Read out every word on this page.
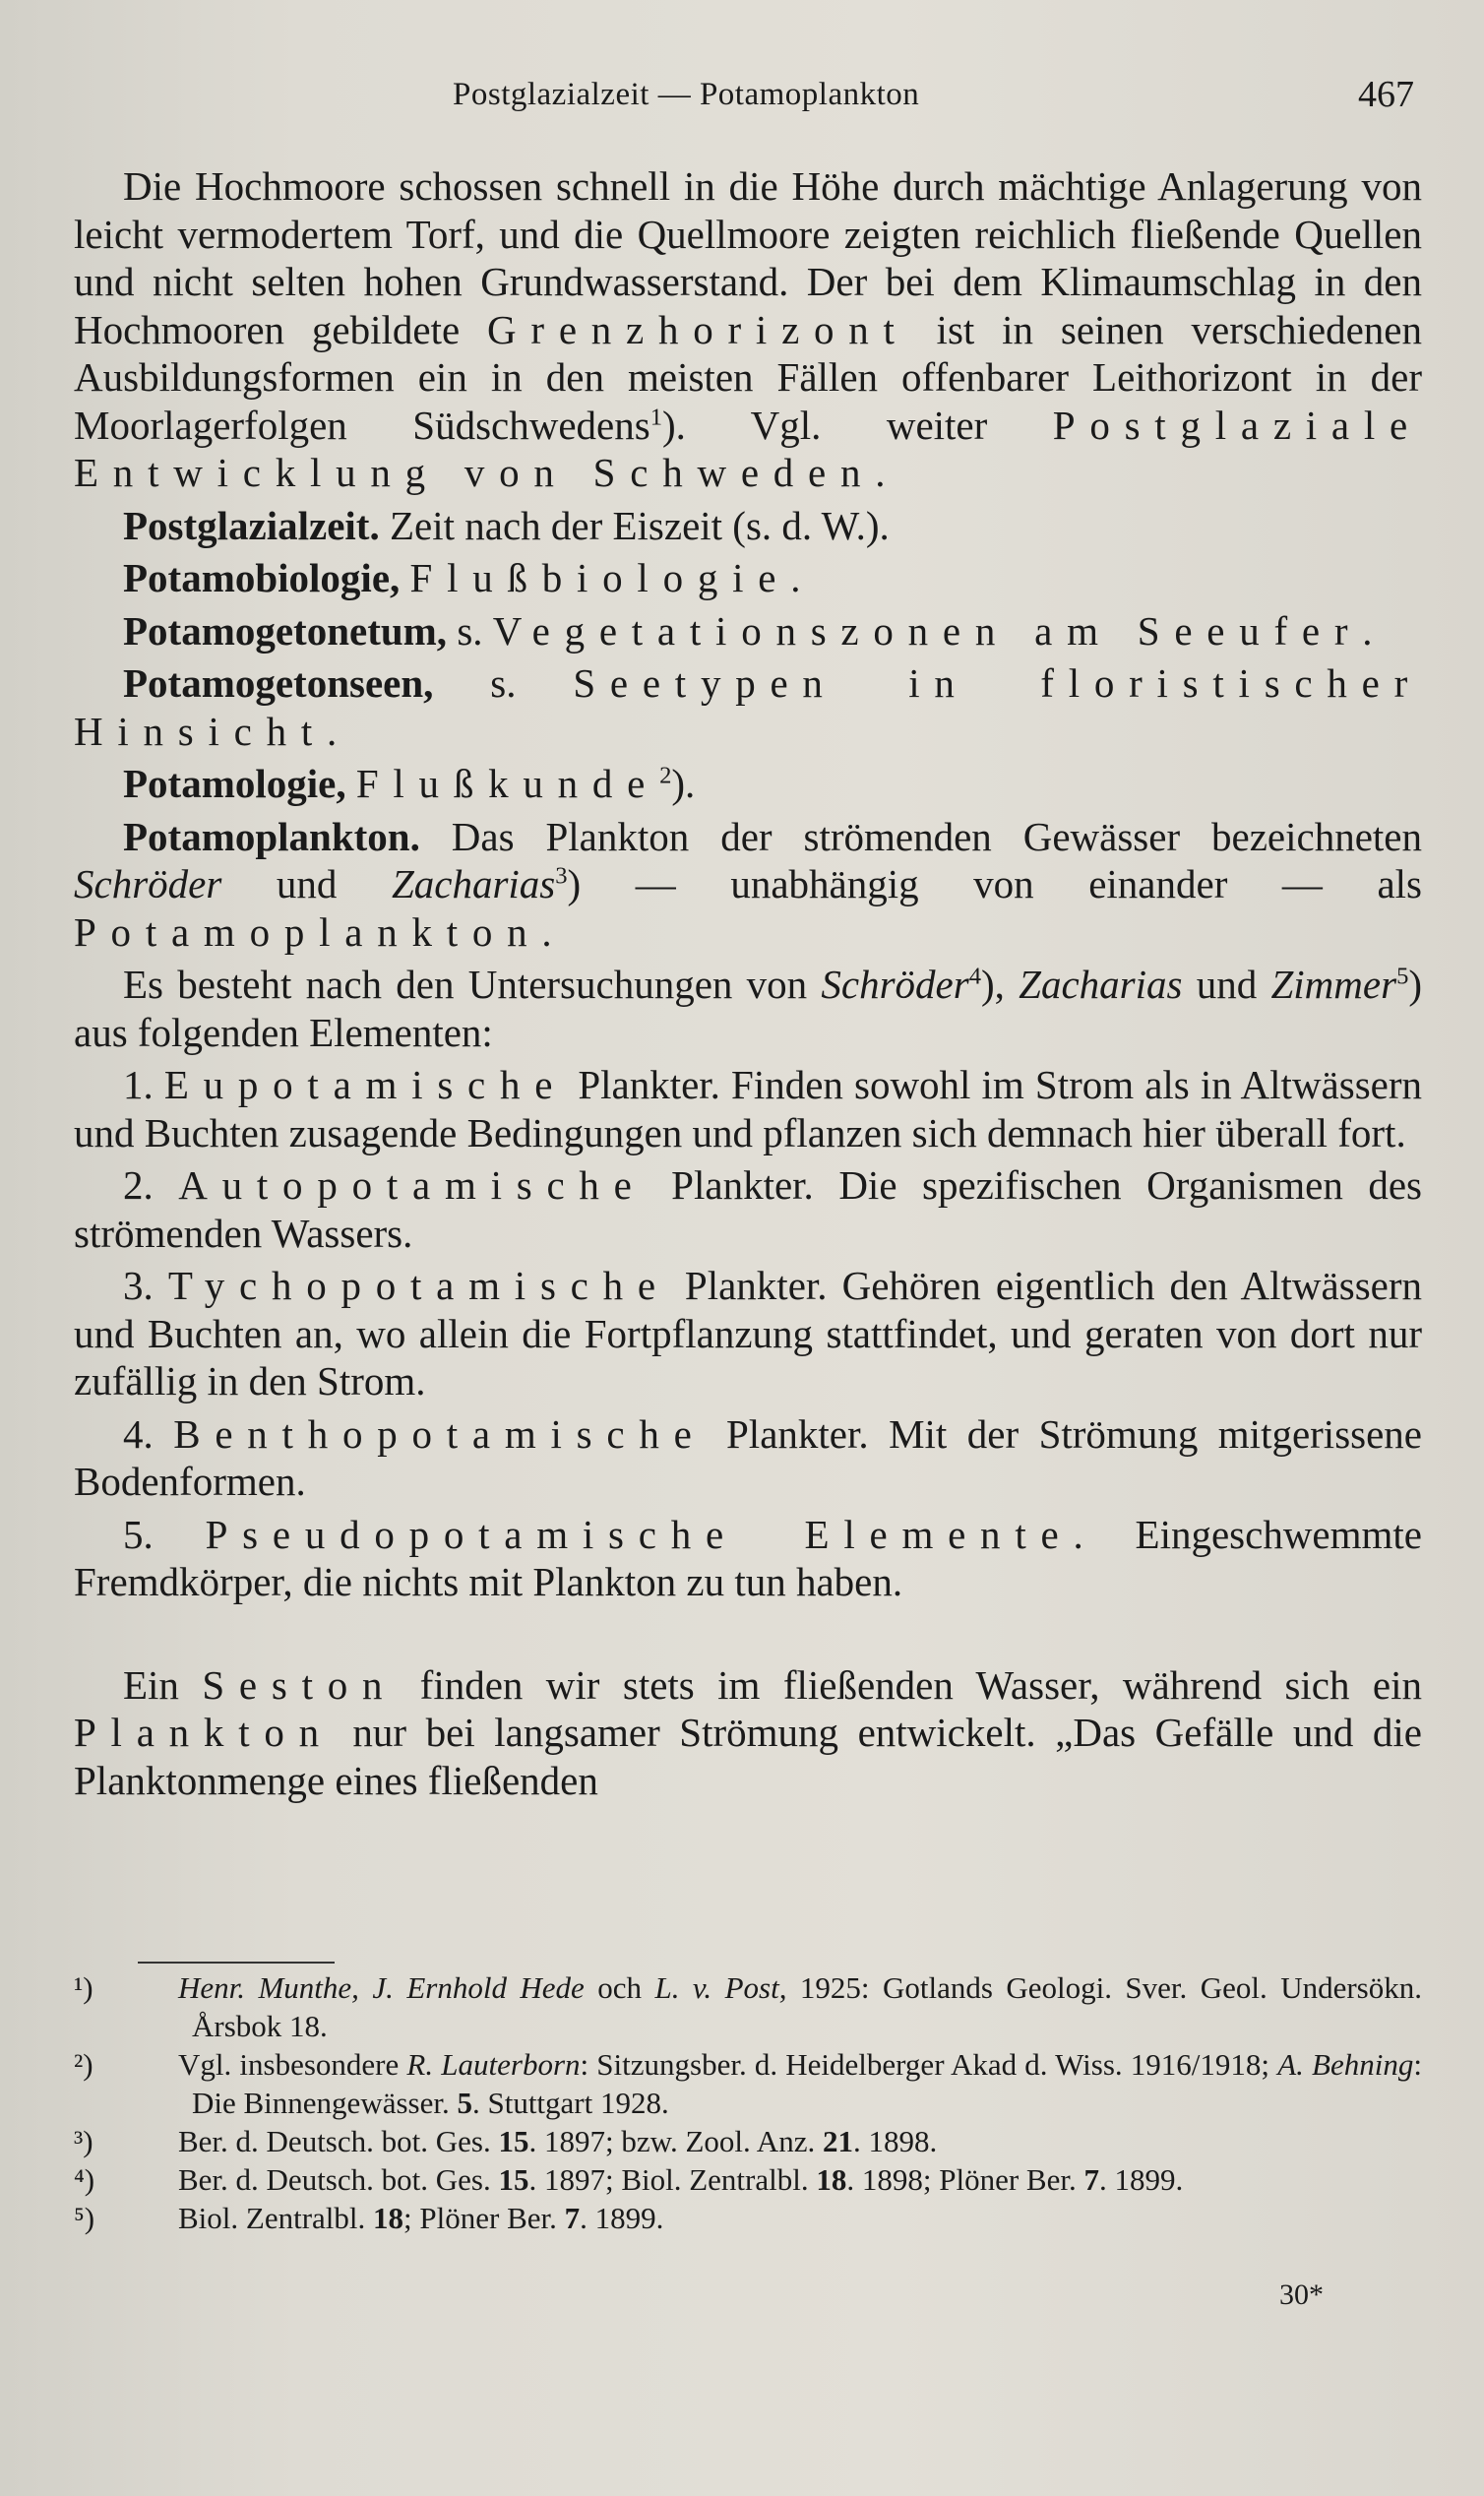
Postglazialzeit — Potamoplankton	467

Die Hochmoore schossen schnell in die Höhe durch mächtige Anlagerung von leicht vermodertem Torf, und die Quellmoore zeigten reichlich fließende Quellen und nicht selten hohen Grundwasserstand. Der bei dem Klimaumschlag in den Hochmooren gebildete Grenzhorizont ist in seinen verschiedenen Ausbildungsformen ein in den meisten Fällen offenbarer Leithorizont in der Moorlagerfolgen Südschwedens$^1$). Vgl. weiter Postglaziale Entwicklung von Schweden.

Postglazialzeit. Zeit nach der Eiszeit (s. d. W.).

Potamobiologie, Flußbiologie.

Potamogetonetum, s. Vegetationszonen am Seeufer.

Potamogetonseen, s. Seetypen in floristischer Hinsicht.

Potamologie, Flußkunde$^2$).

Potamoplankton. Das Plankton der strömenden Gewässer bezeichneten Schröder und Zacharias$^3$) — unabhängig von einander — als Potamoplankton.

Es besteht nach den Untersuchungen von Schröder$^4$), Zacharias und Zimmer$^5$) aus folgenden Elementen:

1. Eupotamische Plankter. Finden sowohl im Strom als in Altwässern und Buchten zusagende Bedingungen und pflanzen sich demnach hier überall fort.

2. Autopotamische Plankter. Die spezifischen Organismen des strömenden Wassers.

3. Tychopotamische Plankter. Gehören eigentlich den Altwässern und Buchten an, wo allein die Fortpflanzung stattfindet, und geraten von dort nur zufällig in den Strom.

4. Benthopotamische Plankter. Mit der Strömung mitgerissene Bodenformen.

5. Pseudopotamische Elemente. Eingeschwemmte Fremdkörper, die nichts mit Plankton zu tun haben.

Ein Seston finden wir stets im fließenden Wasser, während sich ein Plankton nur bei langsamer Strömung entwickelt. „Das Gefälle und die Planktonmenge eines fließenden

¹)	Henr. Munthe, J. Ernhold Hede och L. v. Post, 1925: Gotlands Geologi. Sver. Geol. Undersökn. Årsbok 18.

²)	Vgl. insbesondere R. Lauterborn: Sitzungsber. d. Heidelberger Akad d. Wiss. 1916/1918; A. Behning: Die Binnengewässer. 5. Stuttgart 1928.

³)	Ber. d. Deutsch. bot. Ges. 15. 1897; bzw. Zool. Anz. 21. 1898.

⁴)	Ber. d. Deutsch. bot. Ges. 15. 1897; Biol. Zentralbl. 18. 1898; Plöner Ber. 7. 1899.

⁵)	Biol. Zentralbl. 18; Plöner Ber. 7. 1899.

30*
